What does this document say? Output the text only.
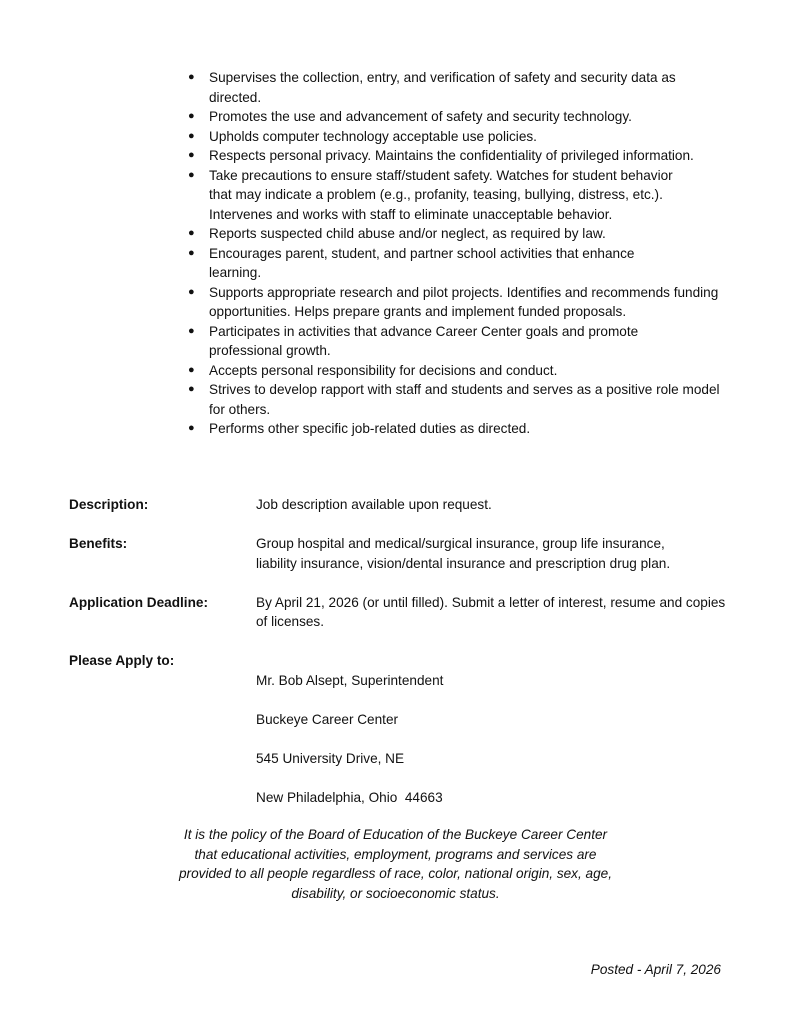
● Supervises the collection, entry, and verification of safety and security data as directed.
● Promotes the use and advancement of safety and security technology.
● Upholds computer technology acceptable use policies.
● Respects personal privacy. Maintains the confidentiality of privileged information.
● Take precautions to ensure staff/student safety. Watches for student behavior that may indicate a problem (e.g., profanity, teasing, bullying, distress, etc.). Intervenes and works with staff to eliminate unacceptable behavior.
● Reports suspected child abuse and/or neglect, as required by law.
● Encourages parent, student, and partner school activities that enhance learning.
● Supports appropriate research and pilot projects. Identifies and recommends funding opportunities. Helps prepare grants and implement funded proposals.
● Participates in activities that advance Career Center goals and promote professional growth.
● Accepts personal responsibility for decisions and conduct.
● Strives to develop rapport with staff and students and serves as a positive role model for others.
● Performs other specific job-related duties as directed.
Description:	Job description available upon request.
Benefits:	Group hospital and medical/surgical insurance, group life insurance, liability insurance, vision/dental insurance and prescription drug plan.
Application Deadline:	By April 21, 2026 (or until filled). Submit a letter of interest, resume and copies of licenses.
Please Apply to:

Mr. Bob Alsept, Superintendent

Buckeye Career Center

545 University Drive, NE

New Philadelphia, Ohio  44663

It is the policy of the Board of Education of the Buckeye Career Center
that educational activities, employment, programs and services are
provided to all people regardless of race, color, national origin, sex, age,
disability, or socioeconomic status.
Posted - April 7, 2026
